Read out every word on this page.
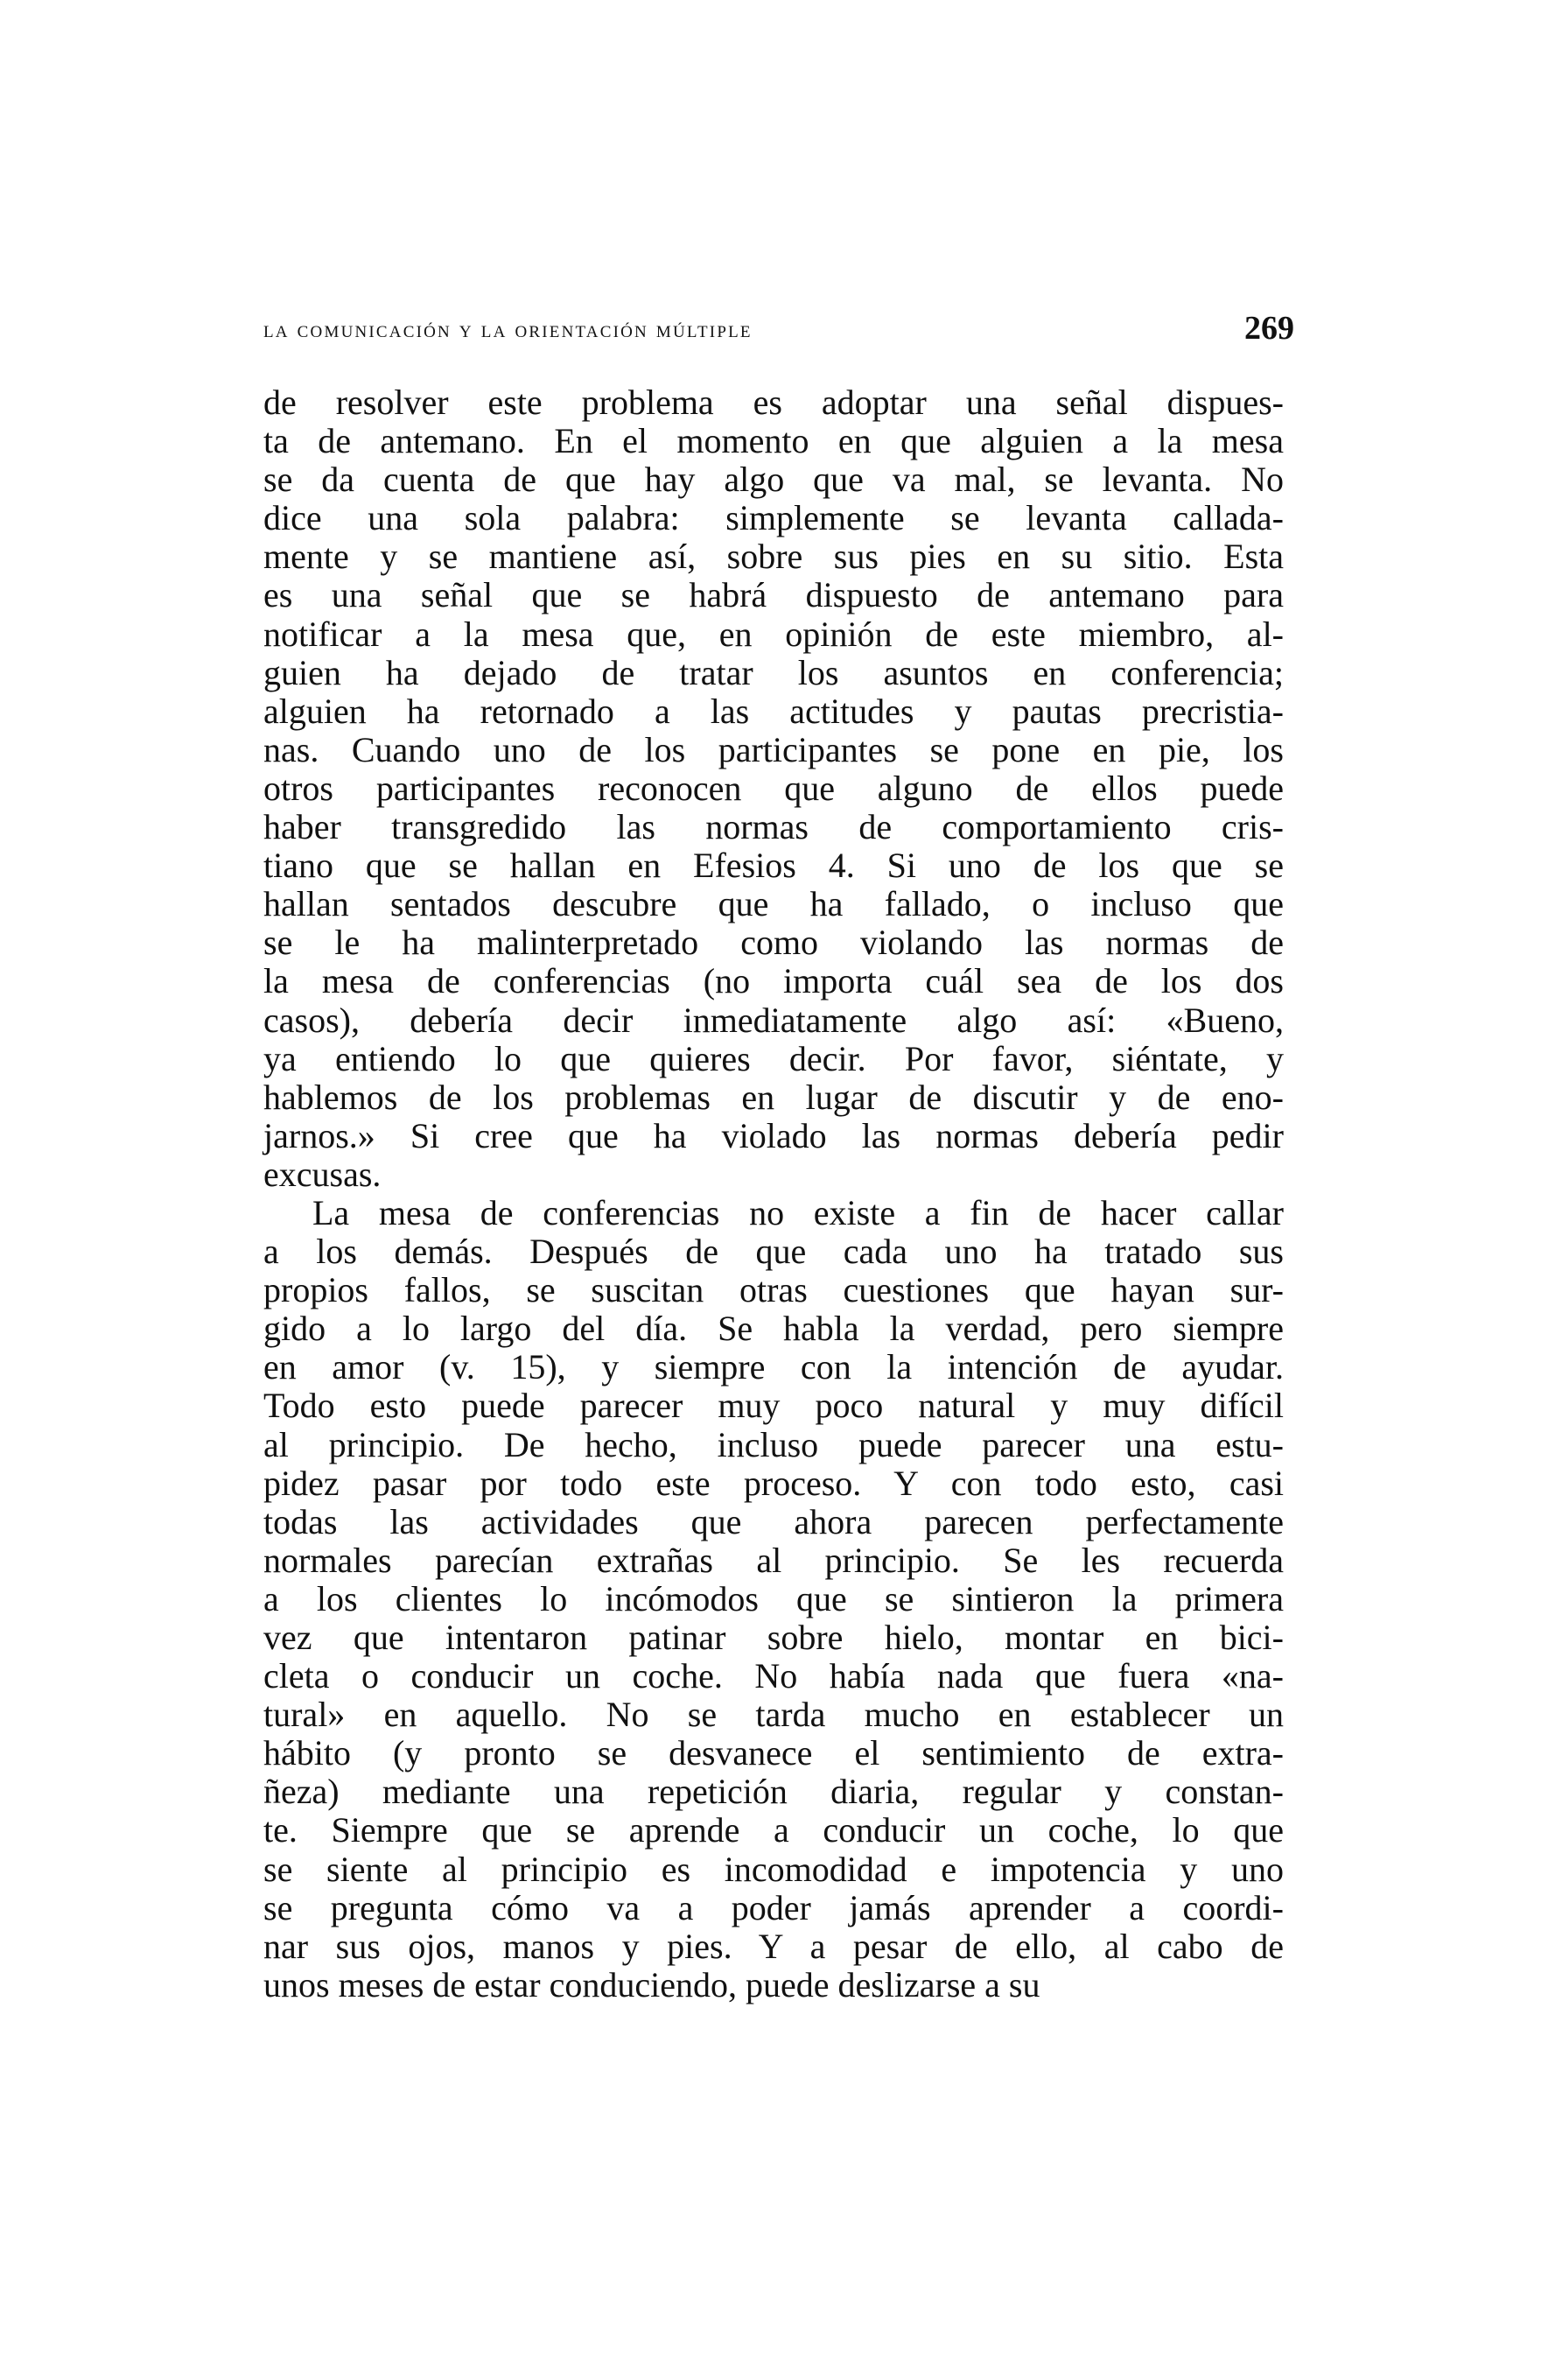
la comunicación y la orientación múltiple	269
de resolver este problema es adoptar una señal dispues-
ta de antemano. En el momento en que alguien a la mesa
se da cuenta de que hay algo que va mal, se levanta. No
dice una sola palabra: simplemente se levanta callada-
mente y se mantiene así, sobre sus pies en su sitio. Esta
es una señal que se habrá dispuesto de antemano para
notificar a la mesa que, en opinión de este miembro, al-
guien ha dejado de tratar los asuntos en conferencia;
alguien ha retornado a las actitudes y pautas precristia-
nas. Cuando uno de los participantes se pone en pie, los
otros participantes reconocen que alguno de ellos puede
haber transgredido las normas de comportamiento cris-
tiano que se hallan en Efesios 4. Si uno de los que se
hallan sentados descubre que ha fallado, o incluso que
se le ha malinterpretado como violando las normas de
la mesa de conferencias (no importa cuál sea de los dos
casos), debería decir inmediatamente algo así: «Bueno,
ya entiendo lo que quieres decir. Por favor, siéntate, y
hablemos de los problemas en lugar de discutir y de eno-
jarnos.» Si cree que ha violado las normas debería pedir
excusas.
La mesa de conferencias no existe a fin de hacer callar
a los demás. Después de que cada uno ha tratado sus
propios fallos, se suscitan otras cuestiones que hayan sur-
gido a lo largo del día. Se habla la verdad, pero siempre
en amor (v. 15), y siempre con la intención de ayudar.
Todo esto puede parecer muy poco natural y muy difícil
al principio. De hecho, incluso puede parecer una estu-
pidez pasar por todo este proceso. Y con todo esto, casi
todas las actividades que ahora parecen perfectamente
normales parecían extrañas al principio. Se les recuerda
a los clientes lo incómodos que se sintieron la primera
vez que intentaron patinar sobre hielo, montar en bici-
cleta o conducir un coche. No había nada que fuera «na-
tural» en aquello. No se tarda mucho en establecer un
hábito (y pronto se desvanece el sentimiento de extra-
ñeza) mediante una repetición diaria, regular y constan-
te. Siempre que se aprende a conducir un coche, lo que
se siente al principio es incomodidad e impotencia y uno
se pregunta cómo va a poder jamás aprender a coordi-
nar sus ojos, manos y pies. Y a pesar de ello, al cabo de
unos meses de estar conduciendo, puede deslizarse a su
